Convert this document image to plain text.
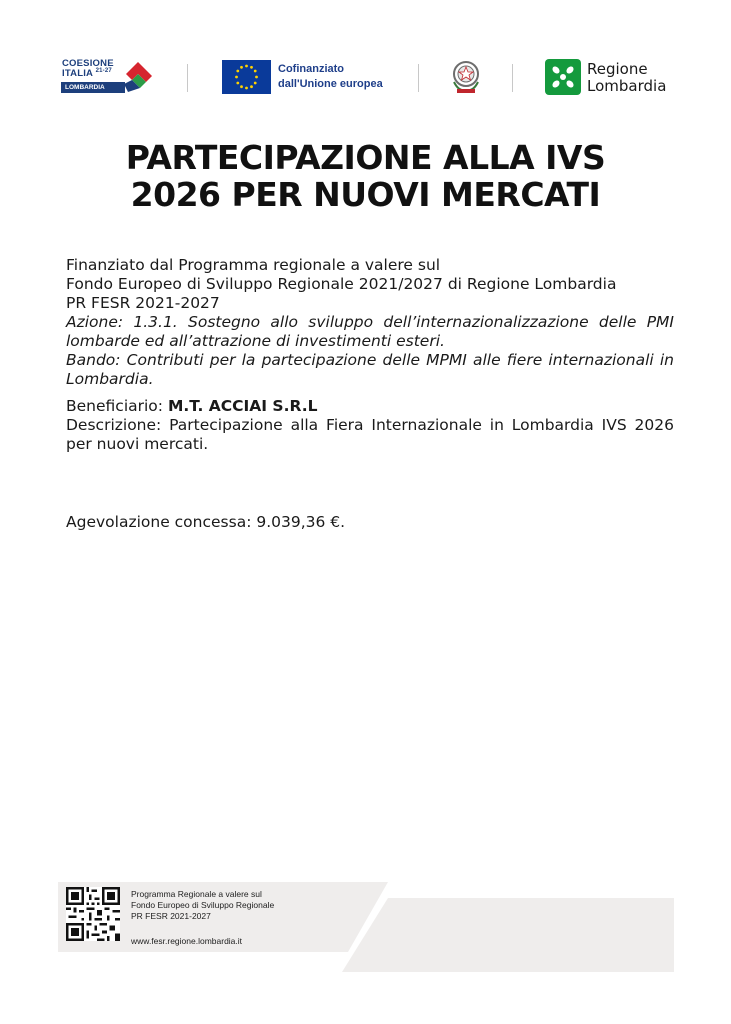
COESIONE
ITALIA $^{21-27}$
LOMBARDIA
Cofinanziato
dall'Unione europea
Regione
Lombardia
PARTECIPAZIONE ALLA IVS
2026 PER NUOVI MERCATI
Finanziato dal Programma regionale a valere sul
Fondo Europeo di Sviluppo Regionale 2021/2027 di Regione Lombardia
PR FESR 2021-2027
Azione: 1.3.1. Sostegno allo sviluppo dell’internazionalizzazione delle PMI lombarde ed all’attrazione di investimenti esteri.
Bando: Contributi per la partecipazione delle MPMI alle fiere internazionali in Lombardia.
Beneficiario: M.T. ACCIAI S.R.L
Descrizione: Partecipazione alla Fiera Internazionale in Lombardia IVS 2026 per nuovi mercati.
Agevolazione concessa: 9.039,36 €.
Programma Regionale a valere sul
Fondo Europeo di Sviluppo Regionale
PR FESR 2021-2027
www.fesr.regione.lombardia.it
